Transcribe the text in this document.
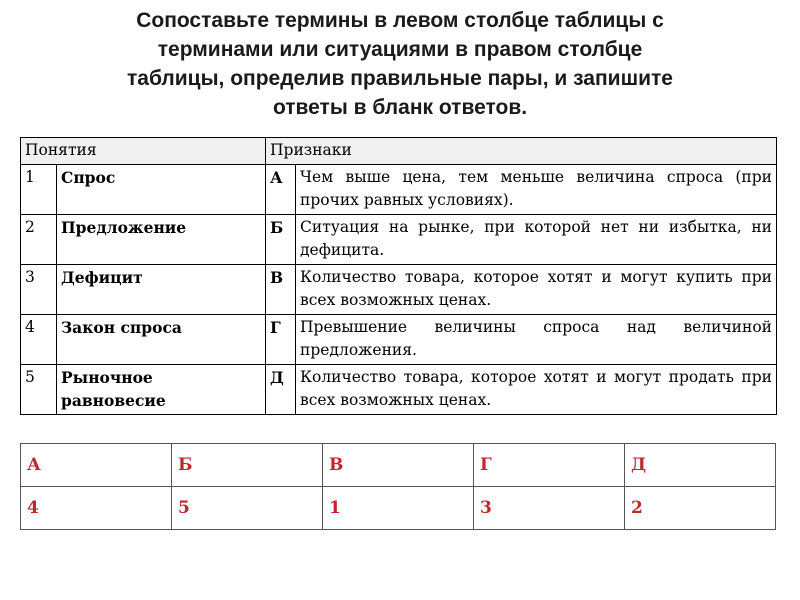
Сопоставьте термины в левом столбце таблицы с
терминами или ситуациями в правом столбце
таблицы, определив правильные пары, и запишите
ответы в бланк ответов.
Понятия		Признаки	
1	Спрос	А	Чем выше цена, тем меньше величина спроса (при прочих равных условиях).
2	Предложение	Б	Ситуация на рынке, при которой нет ни избытка, ни дефицита.
3	Дефицит	В	Количество товара, которое хотят и могут купить при всех возможных ценах.
4	Закон спроса	Г	Превышение величины спроса над величиной предложения.
5	Рыночное равновесие	Д	Количество товара, которое хотят и могут продать при всех возможных ценах.
А	Б	В	Г	Д
4	5	1	3	2
